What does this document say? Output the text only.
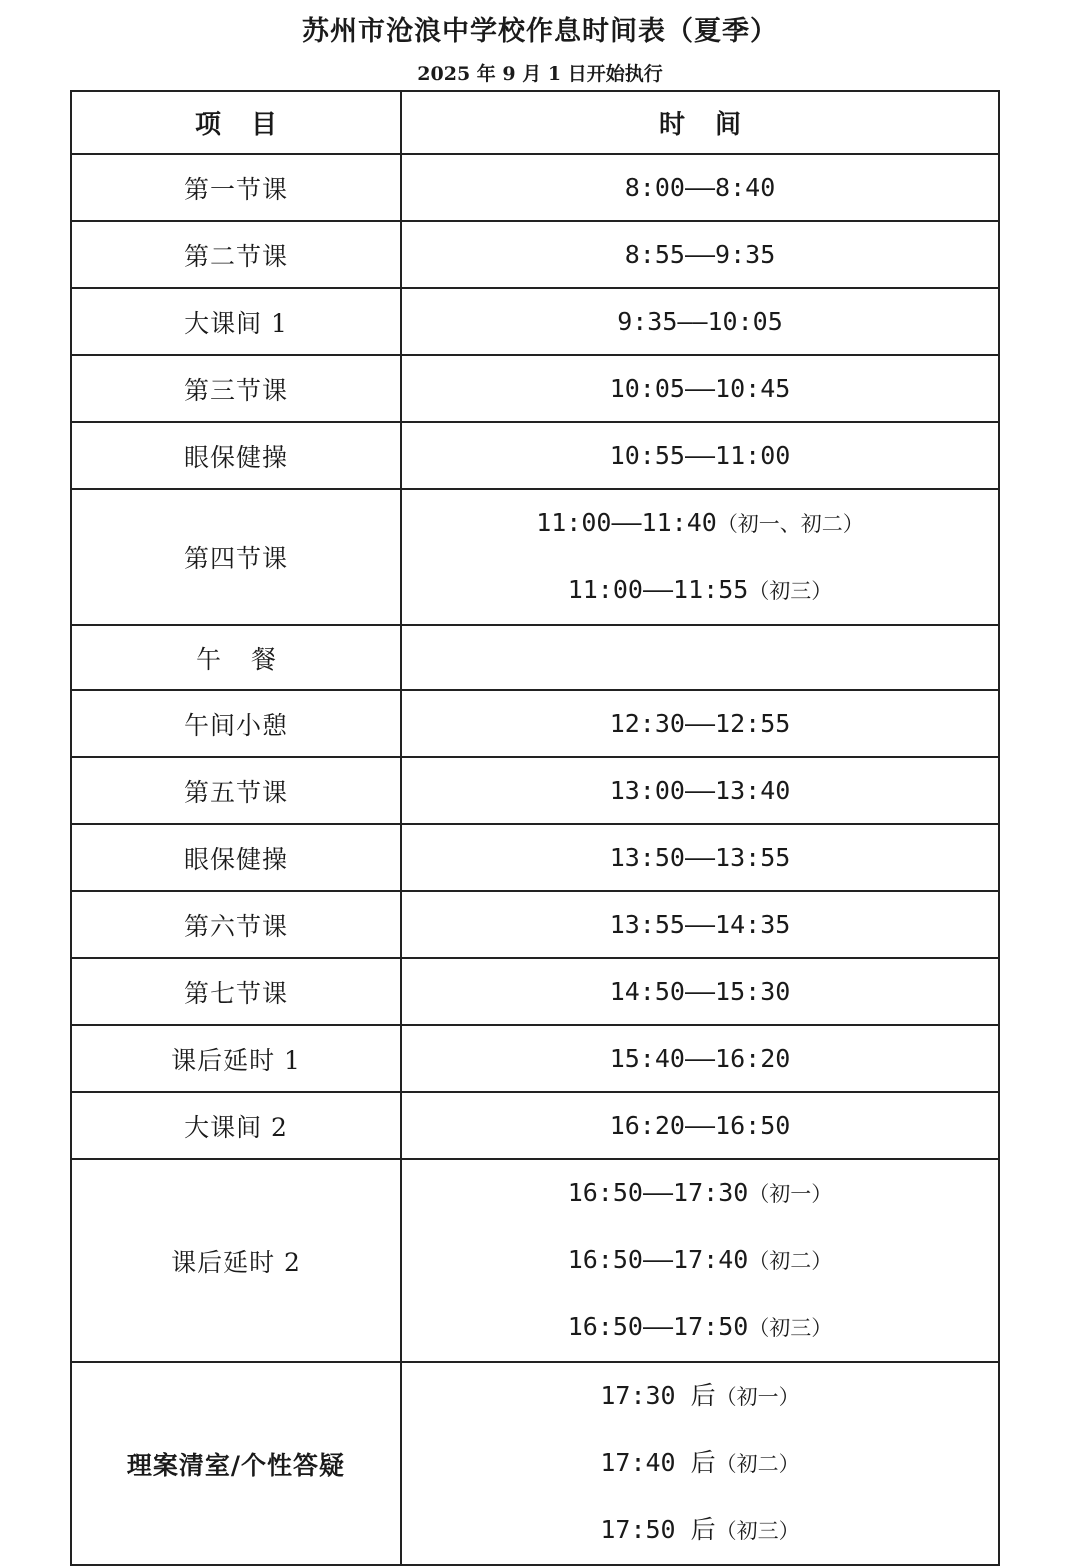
苏州市沧浪中学校作息时间表（夏季）
2025 年 9 月 1 日开始执行
项目	时间
第一节课	8:00——8:40

第二节课	8:55——9:35

大课间 1	9:35——10:05

第三节课	10:05——10:45

眼保健操	10:55——11:00

第四节课	11:00——11:40（初一、初二）
11:00——11:55（初三）

午餐	
午间小憩	12:30——12:55

第五节课	13:00——13:40

眼保健操	13:50——13:55

第六节课	13:55——14:35

第七节课	14:50——15:30

课后延时 1	15:40——16:20

大课间 2	16:20——16:50

课后延时 2	16:50——17:30（初一）
16:50——17:40（初二）
16:50——17:50（初三）

理案清室/个性答疑	17:30 后（初一）
17:40 后（初二）
17:50 后（初三）
